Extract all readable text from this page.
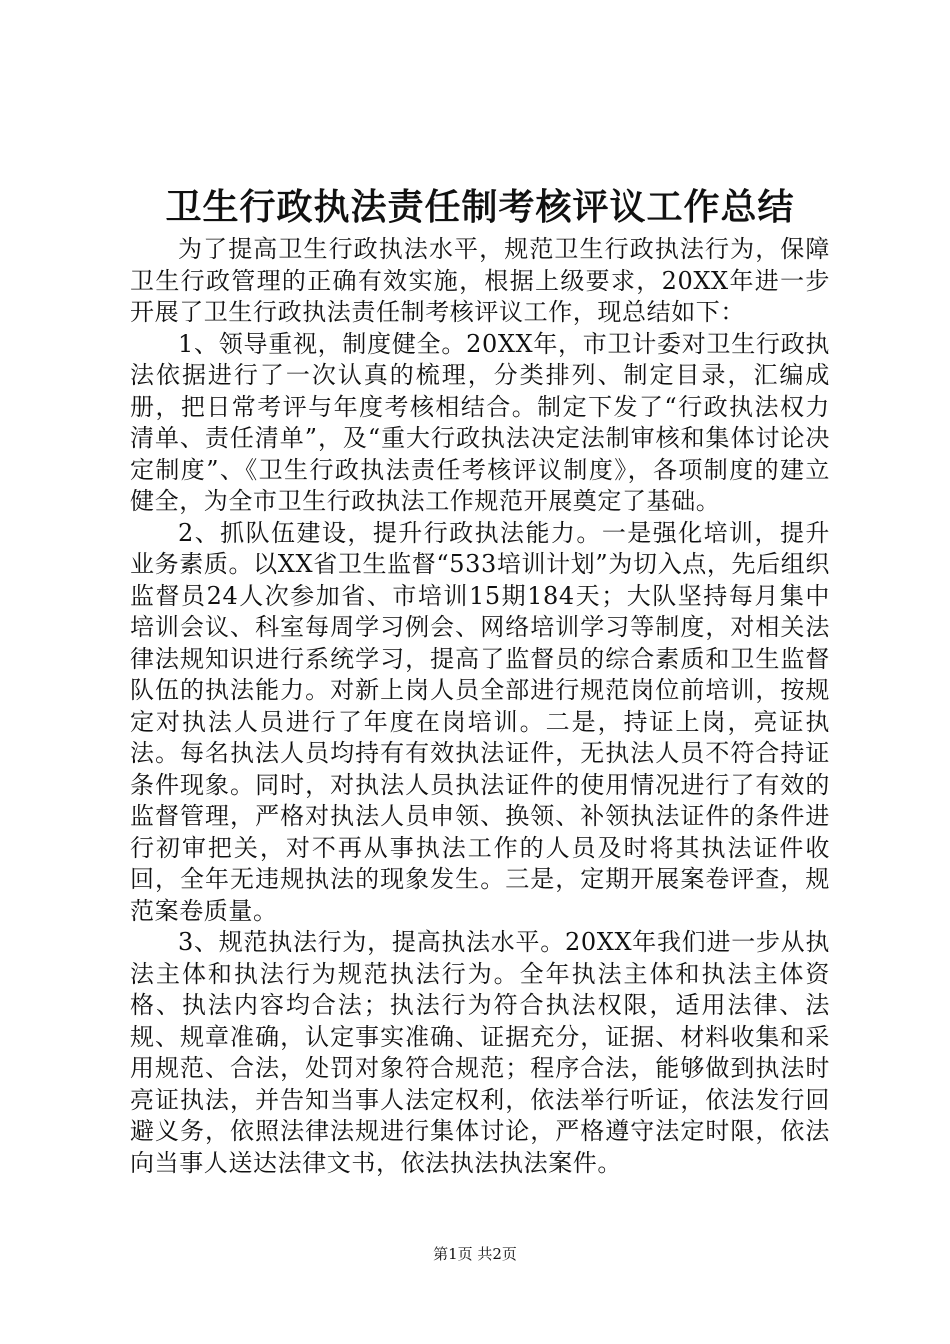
卫生行政执法责任制考核评议工作总结

为了提高卫生行政执法水平，规范卫生行政执法行为，保障卫生行政管理的正确有效实施，根据上级要求，20XX年进一步开展了卫生行政执法责任制考核评议工作，现总结如下：

1、领导重视，制度健全。20XX年，市卫计委对卫生行政执法依据进行了一次认真的梳理，分类排列、制定目录，汇编成册，把日常考评与年度考核相结合。制定下发了“行政执法权力清单、责任清单”，及“重大行政执法决定法制审核和集体讨论决定制度”、《卫生行政执法责任考核评议制度》，各项制度的建立健全，为全市卫生行政执法工作规范开展奠定了基础。

2、抓队伍建设，提升行政执法能力。一是强化培训，提升业务素质。以XX省卫生监督“533培训计划”为切入点，先后组织监督员24人次参加省、市培训15期184天；大队坚持每月集中培训会议、科室每周学习例会、网络培训学习等制度，对相关法律法规知识进行系统学习，提高了监督员的综合素质和卫生监督队伍的执法能力。对新上岗人员全部进行规范岗位前培训，按规定对执法人员进行了年度在岗培训。二是，持证上岗，亮证执法。每名执法人员均持有有效执法证件，无执法人员不符合持证条件现象。同时，对执法人员执法证件的使用情况进行了有效的监督管理，严格对执法人员申领、换领、补领执法证件的条件进行初审把关，对不再从事执法工作的人员及时将其执法证件收回，全年无违规执法的现象发生。三是，定期开展案卷评查，规范案卷质量。

3、规范执法行为，提高执法水平。20XX年我们进一步从执法主体和执法行为规范执法行为。全年执法主体和执法主体资格、执法内容均合法；执法行为符合执法权限，适用法律、法规、规章准确，认定事实准确、证据充分，证据、材料收集和采用规范、合法，处罚对象符合规范；程序合法，能够做到执法时亮证执法，并告知当事人法定权利，依法举行听证，依法发行回避义务，依照法律法规进行集体讨论，严格遵守法定时限，依法向当事人送达法律文书，依法执法执法案件。

第1页 共2页
